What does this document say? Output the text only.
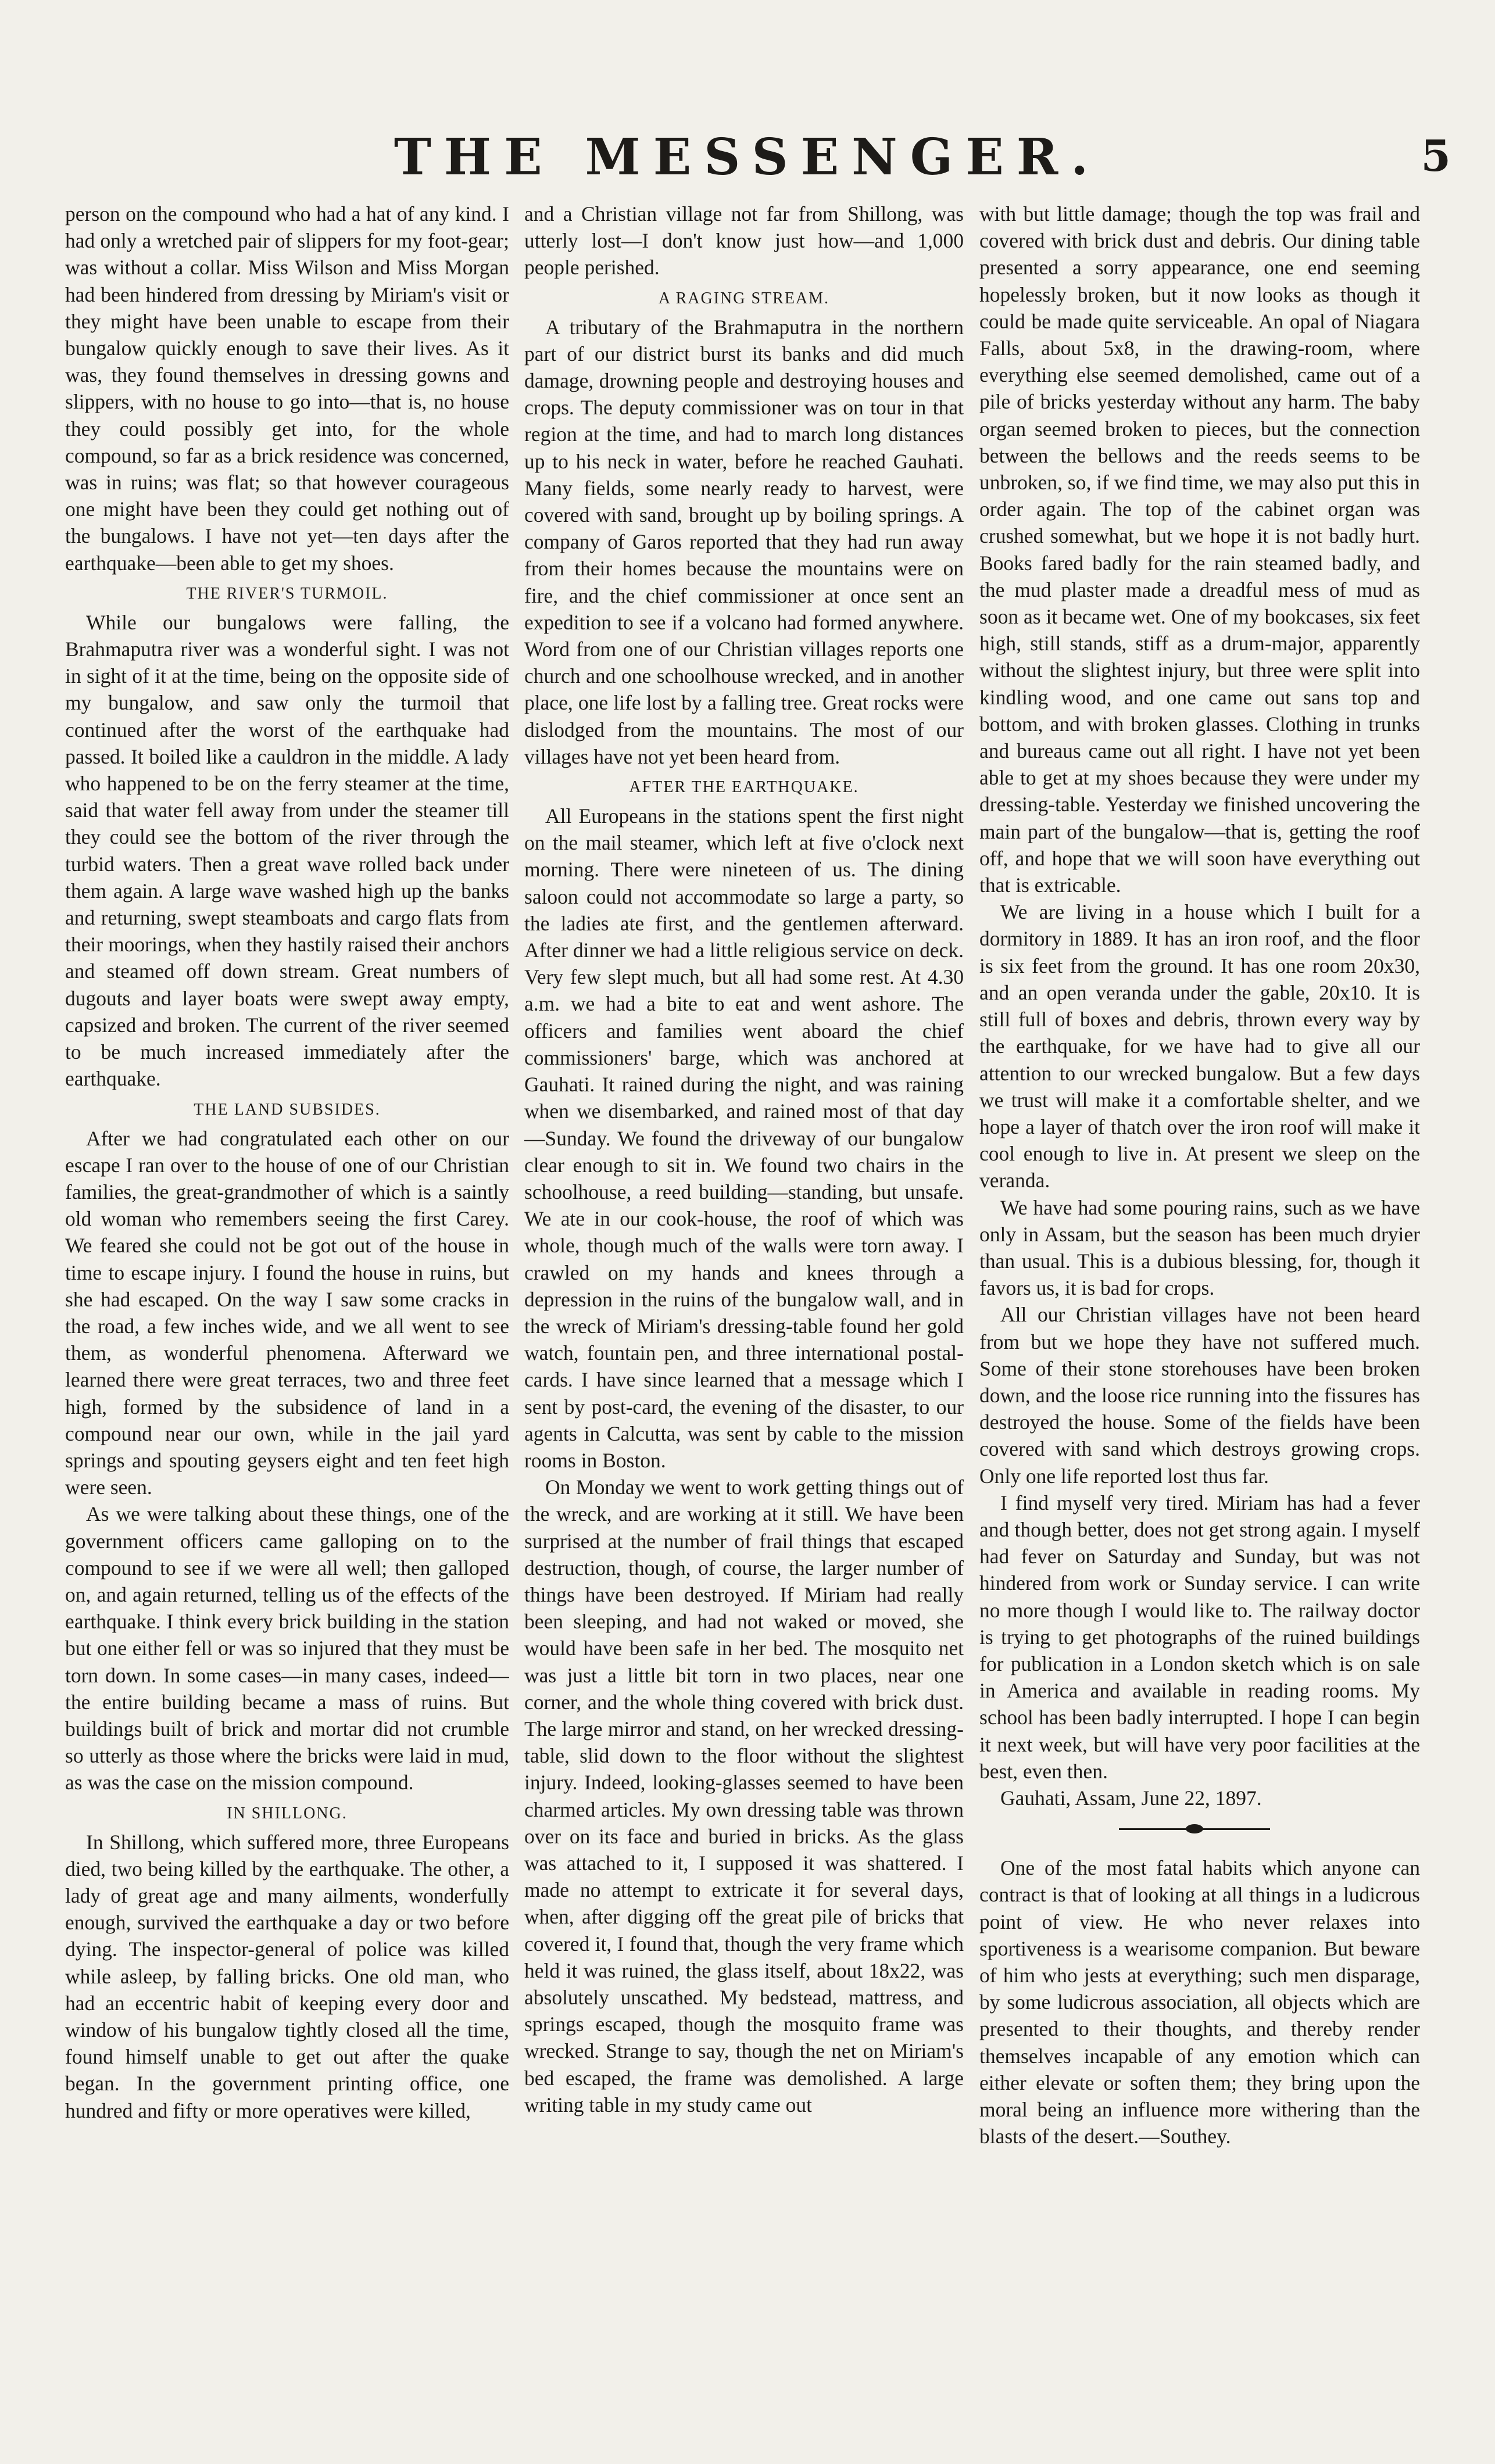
THE MESSENGER.	5

person on the compound who had a hat of any kind. I had only a wretched pair of slippers for my foot-gear; was without a collar. Miss Wilson and Miss Morgan had been hindered from dressing by Miriam's visit or they might have been unable to escape from their bungalow quickly enough to save their lives. As it was, they found themselves in dressing gowns and slippers, with no house to go into—that is, no house they could possibly get into, for the whole compound, so far as a brick residence was concerned, was in ruins; was flat; so that however courageous one might have been they could get nothing out of the bungalows. I have not yet—ten days after the earthquake—been able to get my shoes.

THE RIVER'S TURMOIL.

While our bungalows were falling, the Brahmaputra river was a wonderful sight. I was not in sight of it at the time, being on the opposite side of my bungalow, and saw only the turmoil that continued after the worst of the earthquake had passed. It boiled like a cauldron in the middle. A lady who happened to be on the ferry steamer at the time, said that water fell away from under the steamer till they could see the bottom of the river through the turbid waters. Then a great wave rolled back under them again. A large wave washed high up the banks and returning, swept steamboats and cargo flats from their moorings, when they hastily raised their anchors and steamed off down stream. Great numbers of dugouts and layer boats were swept away empty, capsized and broken. The current of the river seemed to be much increased immediately after the earthquake.

THE LAND SUBSIDES.

After we had congratulated each other on our escape I ran over to the house of one of our Christian families, the great-grandmother of which is a saintly old woman who remembers seeing the first Carey. We feared she could not be got out of the house in time to escape injury. I found the house in ruins, but she had escaped. On the way I saw some cracks in the road, a few inches wide, and we all went to see them, as wonderful phenomena. Afterward we learned there were great terraces, two and three feet high, formed by the subsidence of land in a compound near our own, while in the jail yard springs and spouting geysers eight and ten feet high were seen.

As we were talking about these things, one of the government officers came galloping on to the compound to see if we were all well; then galloped on, and again returned, telling us of the effects of the earthquake. I think every brick building in the station but one either fell or was so injured that they must be torn down. In some cases—in many cases, indeed—the entire building became a mass of ruins. But buildings built of brick and mortar did not crumble so utterly as those where the bricks were laid in mud, as was the case on the mission compound.

IN SHILLONG.

In Shillong, which suffered more, three Europeans died, two being killed by the earthquake. The other, a lady of great age and many ailments, wonderfully enough, survived the earthquake a day or two before dying. The inspector-general of police was killed while asleep, by falling bricks. One old man, who had an eccentric habit of keeping every door and window of his bungalow tightly closed all the time, found himself unable to get out after the quake began. In the government printing office, one hundred and fifty or more operatives were killed,

and a Christian village not far from Shillong, was utterly lost—I don't know just how—and 1,000 people perished.

A RAGING STREAM.

A tributary of the Brahmaputra in the northern part of our district burst its banks and did much damage, drowning people and destroying houses and crops. The deputy commissioner was on tour in that region at the time, and had to march long distances up to his neck in water, before he reached Gauhati. Many fields, some nearly ready to harvest, were covered with sand, brought up by boiling springs. A company of Garos reported that they had run away from their homes because the mountains were on fire, and the chief commissioner at once sent an expedition to see if a volcano had formed anywhere. Word from one of our Christian villages reports one church and one schoolhouse wrecked, and in another place, one life lost by a falling tree. Great rocks were dislodged from the mountains. The most of our villages have not yet been heard from.

AFTER THE EARTHQUAKE.

All Europeans in the stations spent the first night on the mail steamer, which left at five o'clock next morning. There were nineteen of us. The dining saloon could not accommodate so large a party, so the ladies ate first, and the gentlemen afterward. After dinner we had a little religious service on deck. Very few slept much, but all had some rest. At 4.30 a.m. we had a bite to eat and went ashore. The officers and families went aboard the chief commissioners' barge, which was anchored at Gauhati. It rained during the night, and was raining when we disembarked, and rained most of that day—Sunday. We found the driveway of our bungalow clear enough to sit in. We found two chairs in the schoolhouse, a reed building—standing, but unsafe. We ate in our cook-house, the roof of which was whole, though much of the walls were torn away. I crawled on my hands and knees through a depression in the ruins of the bungalow wall, and in the wreck of Miriam's dressing-table found her gold watch, fountain pen, and three international postal-cards. I have since learned that a message which I sent by post-card, the evening of the disaster, to our agents in Calcutta, was sent by cable to the mission rooms in Boston.

On Monday we went to work getting things out of the wreck, and are working at it still. We have been surprised at the number of frail things that escaped destruction, though, of course, the larger number of things have been destroyed. If Miriam had really been sleeping, and had not waked or moved, she would have been safe in her bed. The mosquito net was just a little bit torn in two places, near one corner, and the whole thing covered with brick dust. The large mirror and stand, on her wrecked dressing-table, slid down to the floor without the slightest injury. Indeed, looking-glasses seemed to have been charmed articles. My own dressing table was thrown over on its face and buried in bricks. As the glass was attached to it, I supposed it was shattered. I made no attempt to extricate it for several days, when, after digging off the great pile of bricks that covered it, I found that, though the very frame which held it was ruined, the glass itself, about 18x22, was absolutely unscathed. My bedstead, mattress, and springs escaped, though the mosquito frame was wrecked. Strange to say, though the net on Miriam's bed escaped, the frame was demolished. A large writing table in my study came out

with but little damage; though the top was frail and covered with brick dust and debris. Our dining table presented a sorry appearance, one end seeming hopelessly broken, but it now looks as though it could be made quite serviceable. An opal of Niagara Falls, about 5x8, in the drawing-room, where everything else seemed demolished, came out of a pile of bricks yesterday without any harm. The baby organ seemed broken to pieces, but the connection between the bellows and the reeds seems to be unbroken, so, if we find time, we may also put this in order again. The top of the cabinet organ was crushed somewhat, but we hope it is not badly hurt. Books fared badly for the rain steamed badly, and the mud plaster made a dreadful mess of mud as soon as it became wet. One of my bookcases, six feet high, still stands, stiff as a drum-major, apparently without the slightest injury, but three were split into kindling wood, and one came out sans top and bottom, and with broken glasses. Clothing in trunks and bureaus came out all right. I have not yet been able to get at my shoes because they were under my dressing-table. Yesterday we finished uncovering the main part of the bungalow—that is, getting the roof off, and hope that we will soon have everything out that is extricable.

We are living in a house which I built for a dormitory in 1889. It has an iron roof, and the floor is six feet from the ground. It has one room 20x30, and an open veranda under the gable, 20x10. It is still full of boxes and debris, thrown every way by the earthquake, for we have had to give all our attention to our wrecked bungalow. But a few days we trust will make it a comfortable shelter, and we hope a layer of thatch over the iron roof will make it cool enough to live in. At present we sleep on the veranda.

We have had some pouring rains, such as we have only in Assam, but the season has been much dryier than usual. This is a dubious blessing, for, though it favors us, it is bad for crops.

All our Christian villages have not been heard from but we hope they have not suffered much. Some of their stone storehouses have been broken down, and the loose rice running into the fissures has destroyed the house. Some of the fields have been covered with sand which destroys growing crops. Only one life reported lost thus far.

I find myself very tired. Miriam has had a fever and though better, does not get strong again. I myself had fever on Saturday and Sunday, but was not hindered from work or Sunday service. I can write no more though I would like to. The railway doctor is trying to get photographs of the ruined buildings for publication in a London sketch which is on sale in America and available in reading rooms. My school has been badly interrupted. I hope I can begin it next week, but will have very poor facilities at the best, even then.

Gauhati, Assam, June 22, 1897.

One of the most fatal habits which anyone can contract is that of looking at all things in a ludicrous point of view. He who never relaxes into sportiveness is a wearisome companion. But beware of him who jests at everything; such men disparage, by some ludicrous association, all objects which are presented to their thoughts, and thereby render themselves incapable of any emotion which can either elevate or soften them; they bring upon the moral being an influence more withering than the blasts of the desert.—Southey.
